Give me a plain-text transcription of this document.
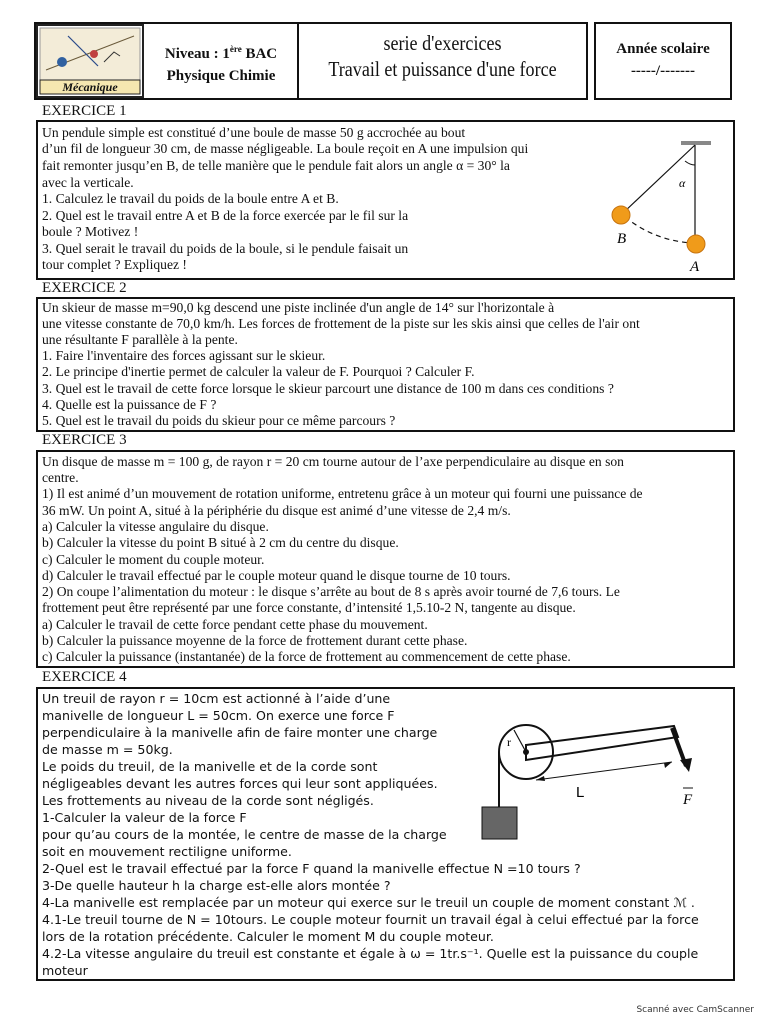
Mécanique
Niveau : 1ère BAC
Physique Chimie
serie d'exercices
Travail et puissance d'une force
Année scolaire
-----/-------
EXERCICE 1
Un pendule simple est constitué d’une boule de masse 50 g accrochée au bout
d’un fil de longueur 30 cm, de masse négligeable. La boule reçoit en A une impulsion qui
fait remonter jusqu’en B, de telle manière que le pendule fait alors un angle α = 30° la
avec la verticale.
1. Calculez le travail du poids de la boule entre A et B.
2. Quel est le travail entre A et B de la force exercée par le fil sur la
boule ? Motivez !
3. Quel serait le travail du poids de la boule, si le pendule faisait un
tour complet ? Expliquez !
α
B
A
EXERCICE 2
Un skieur de masse m=90,0 kg descend une piste inclinée d'un angle de 14° sur l'horizontale à
une vitesse constante de 70,0 km/h. Les forces de frottement de la piste sur les skis ainsi que celles de l'air ont
une résultante F parallèle à la pente.
1. Faire l'inventaire des forces agissant sur le skieur.
2. Le principe d'inertie permet de calculer la valeur de F. Pourquoi ? Calculer F.
3. Quel est le travail de cette force lorsque le skieur parcourt une distance de 100 m dans ces conditions ?
4. Quelle est la puissance de F ?
5. Quel est le travail du poids du skieur pour ce même parcours ?
EXERCICE 3
Un disque de masse m = 100 g, de rayon r = 20 cm tourne autour de l’axe perpendiculaire au disque en son
centre.
1) Il est animé d’un mouvement de rotation uniforme, entretenu grâce à un moteur qui fourni une puissance de
36 mW. Un point A, situé à la périphérie du disque est animé d’une vitesse de 2,4 m/s.
a) Calculer la vitesse angulaire du disque.
b) Calculer la vitesse du point B situé à 2 cm du centre du disque.
c) Calculer le moment du couple moteur.
d) Calculer le travail effectué par le couple moteur quand le disque tourne de 10 tours.
2) On coupe l’alimentation du moteur : le disque s’arrête au bout de 8 s après avoir tourné de 7,6 tours. Le
frottement peut être représenté par une force constante, d’intensité 1,5.10-2 N, tangente au disque.
a) Calculer le travail de cette force pendant cette phase du mouvement.
b) Calculer la puissance moyenne de la force de frottement durant cette phase.
c) Calculer la puissance (instantanée) de la force de frottement au commencement de cette phase.
EXERCICE 4
Un treuil de rayon r = 10cm est actionné à l’aide d’une
manivelle de longueur L = 50cm. On exerce une force F
perpendiculaire à la manivelle afin de faire monter une charge
de masse m = 50kg.
Le poids du treuil, de la manivelle et de la corde sont
négligeables devant les autres forces qui leur sont appliquées.
Les frottements au niveau de la corde sont négligés.
1-Calculer la valeur de la force F
pour qu’au cours de la montée, le centre de masse de la charge
soit en mouvement rectiligne uniforme.
2-Quel est le travail effectué par la force F quand la manivelle effectue N =10 tours ?
3-De quelle hauteur h la charge est-elle alors montée ?
4-La manivelle est remplacée par un moteur qui exerce sur le treuil un couple de moment constant ℳ .
4.1-Le treuil tourne de N = 10tours. Le couple moteur fournit un travail égal à celui effectué par la force
lors de la rotation précédente. Calculer le moment M du couple moteur.
4.2-La vitesse angulaire du treuil est constante et égale à ω = 1tr.s⁻¹. Quelle est la puissance du couple
moteur
r
L	F
Scanné avec CamScanner
